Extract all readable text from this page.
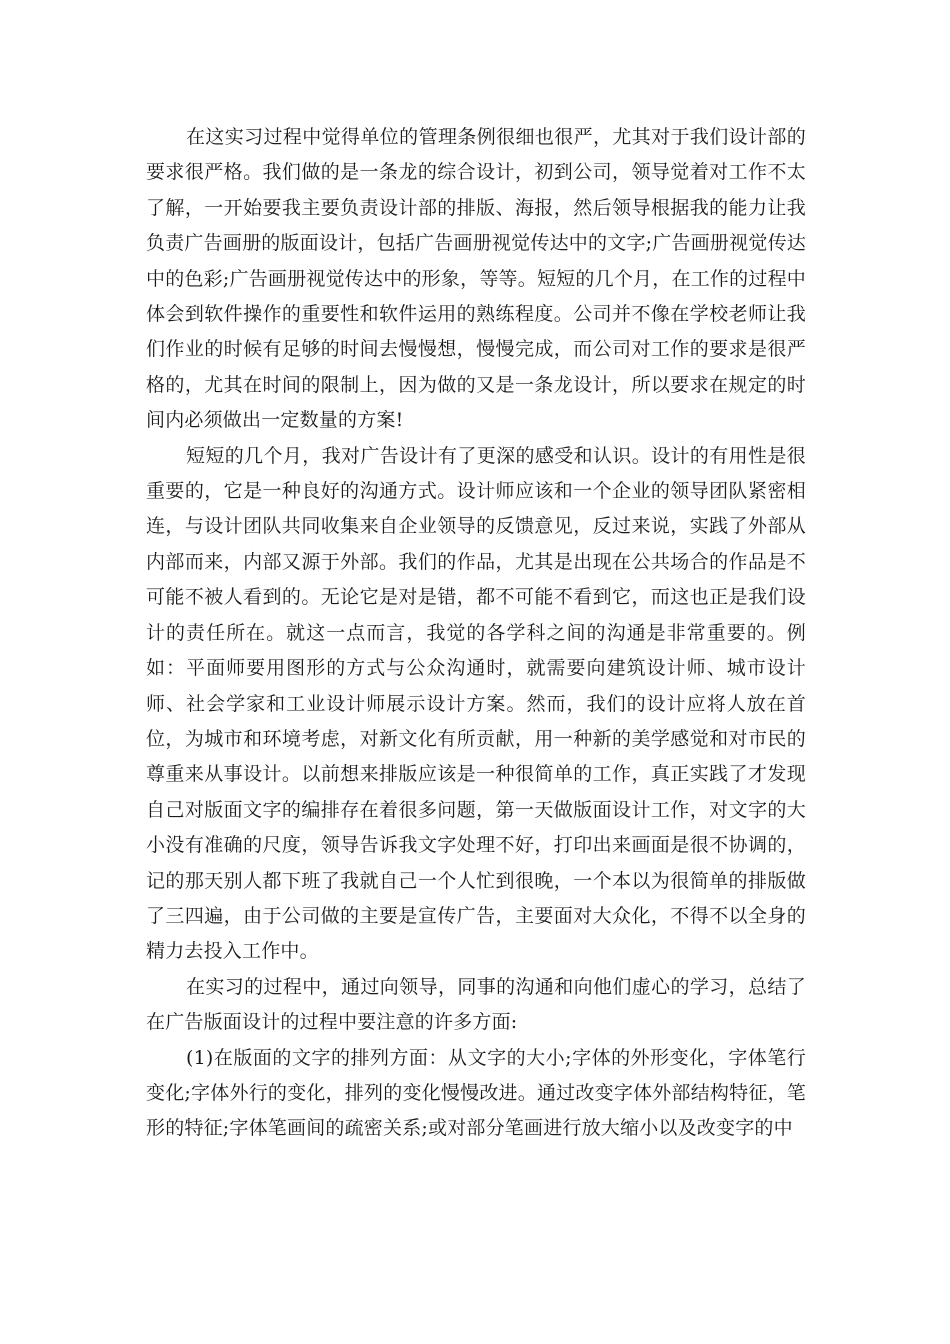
在这实习过程中觉得单位的管理条例很细也很严，尤其对于我们设计部的要求很严格。我们做的是一条龙的综合设计，初到公司，领导觉着对工作不太了解，一开始要我主要负责设计部的排版、海报，然后领导根据我的能力让我负责广告画册的版面设计，包括广告画册视觉传达中的文字;广告画册视觉传达中的色彩;广告画册视觉传达中的形象，等等。短短的几个月，在工作的过程中体会到软件操作的重要性和软件运用的熟练程度。公司并不像在学校老师让我们作业的时候有足够的时间去慢慢想，慢慢完成，而公司对工作的要求是很严格的，尤其在时间的限制上，因为做的又是一条龙设计，所以要求在规定的时间内必须做出一定数量的方案!

短短的几个月，我对广告设计有了更深的感受和认识。设计的有用性是很重要的，它是一种良好的沟通方式。设计师应该和一个企业的领导团队紧密相连，与设计团队共同收集来自企业领导的反馈意见，反过来说，实践了外部从内部而来，内部又源于外部。我们的作品，尤其是出现在公共场合的作品是不可能不被人看到的。无论它是对是错，都不可能不看到它，而这也正是我们设计的责任所在。就这一点而言，我觉的各学科之间的沟通是非常重要的。例如：平面师要用图形的方式与公众沟通时，就需要向建筑设计师、城市设计师、社会学家和工业设计师展示设计方案。然而，我们的设计应将人放在首位，为城市和环境考虑，对新文化有所贡献，用一种新的美学感觉和对市民的尊重来从事设计。以前想来排版应该是一种很简单的工作，真正实践了才发现自己对版面文字的编排存在着很多问题，第一天做版面设计工作，对文字的大小没有准确的尺度，领导告诉我文字处理不好，打印出来画面是很不协调的，记的那天别人都下班了我就自己一个人忙到很晚，一个本以为很简单的排版做了三四遍，由于公司做的主要是宣传广告，主要面对大众化，不得不以全身的精力去投入工作中。

在实习的过程中，通过向领导，同事的沟通和向他们虚心的学习，总结了在广告版面设计的过程中要注意的许多方面:

(1)在版面的文字的排列方面：从文字的大小;字体的外形变化，字体笔行变化;字体外行的变化，排列的变化慢慢改进。通过改变字体外部结构特征，笔形的特征;字体笔画间的疏密关系;或对部分笔画进行放大缩小以及改变字的中
